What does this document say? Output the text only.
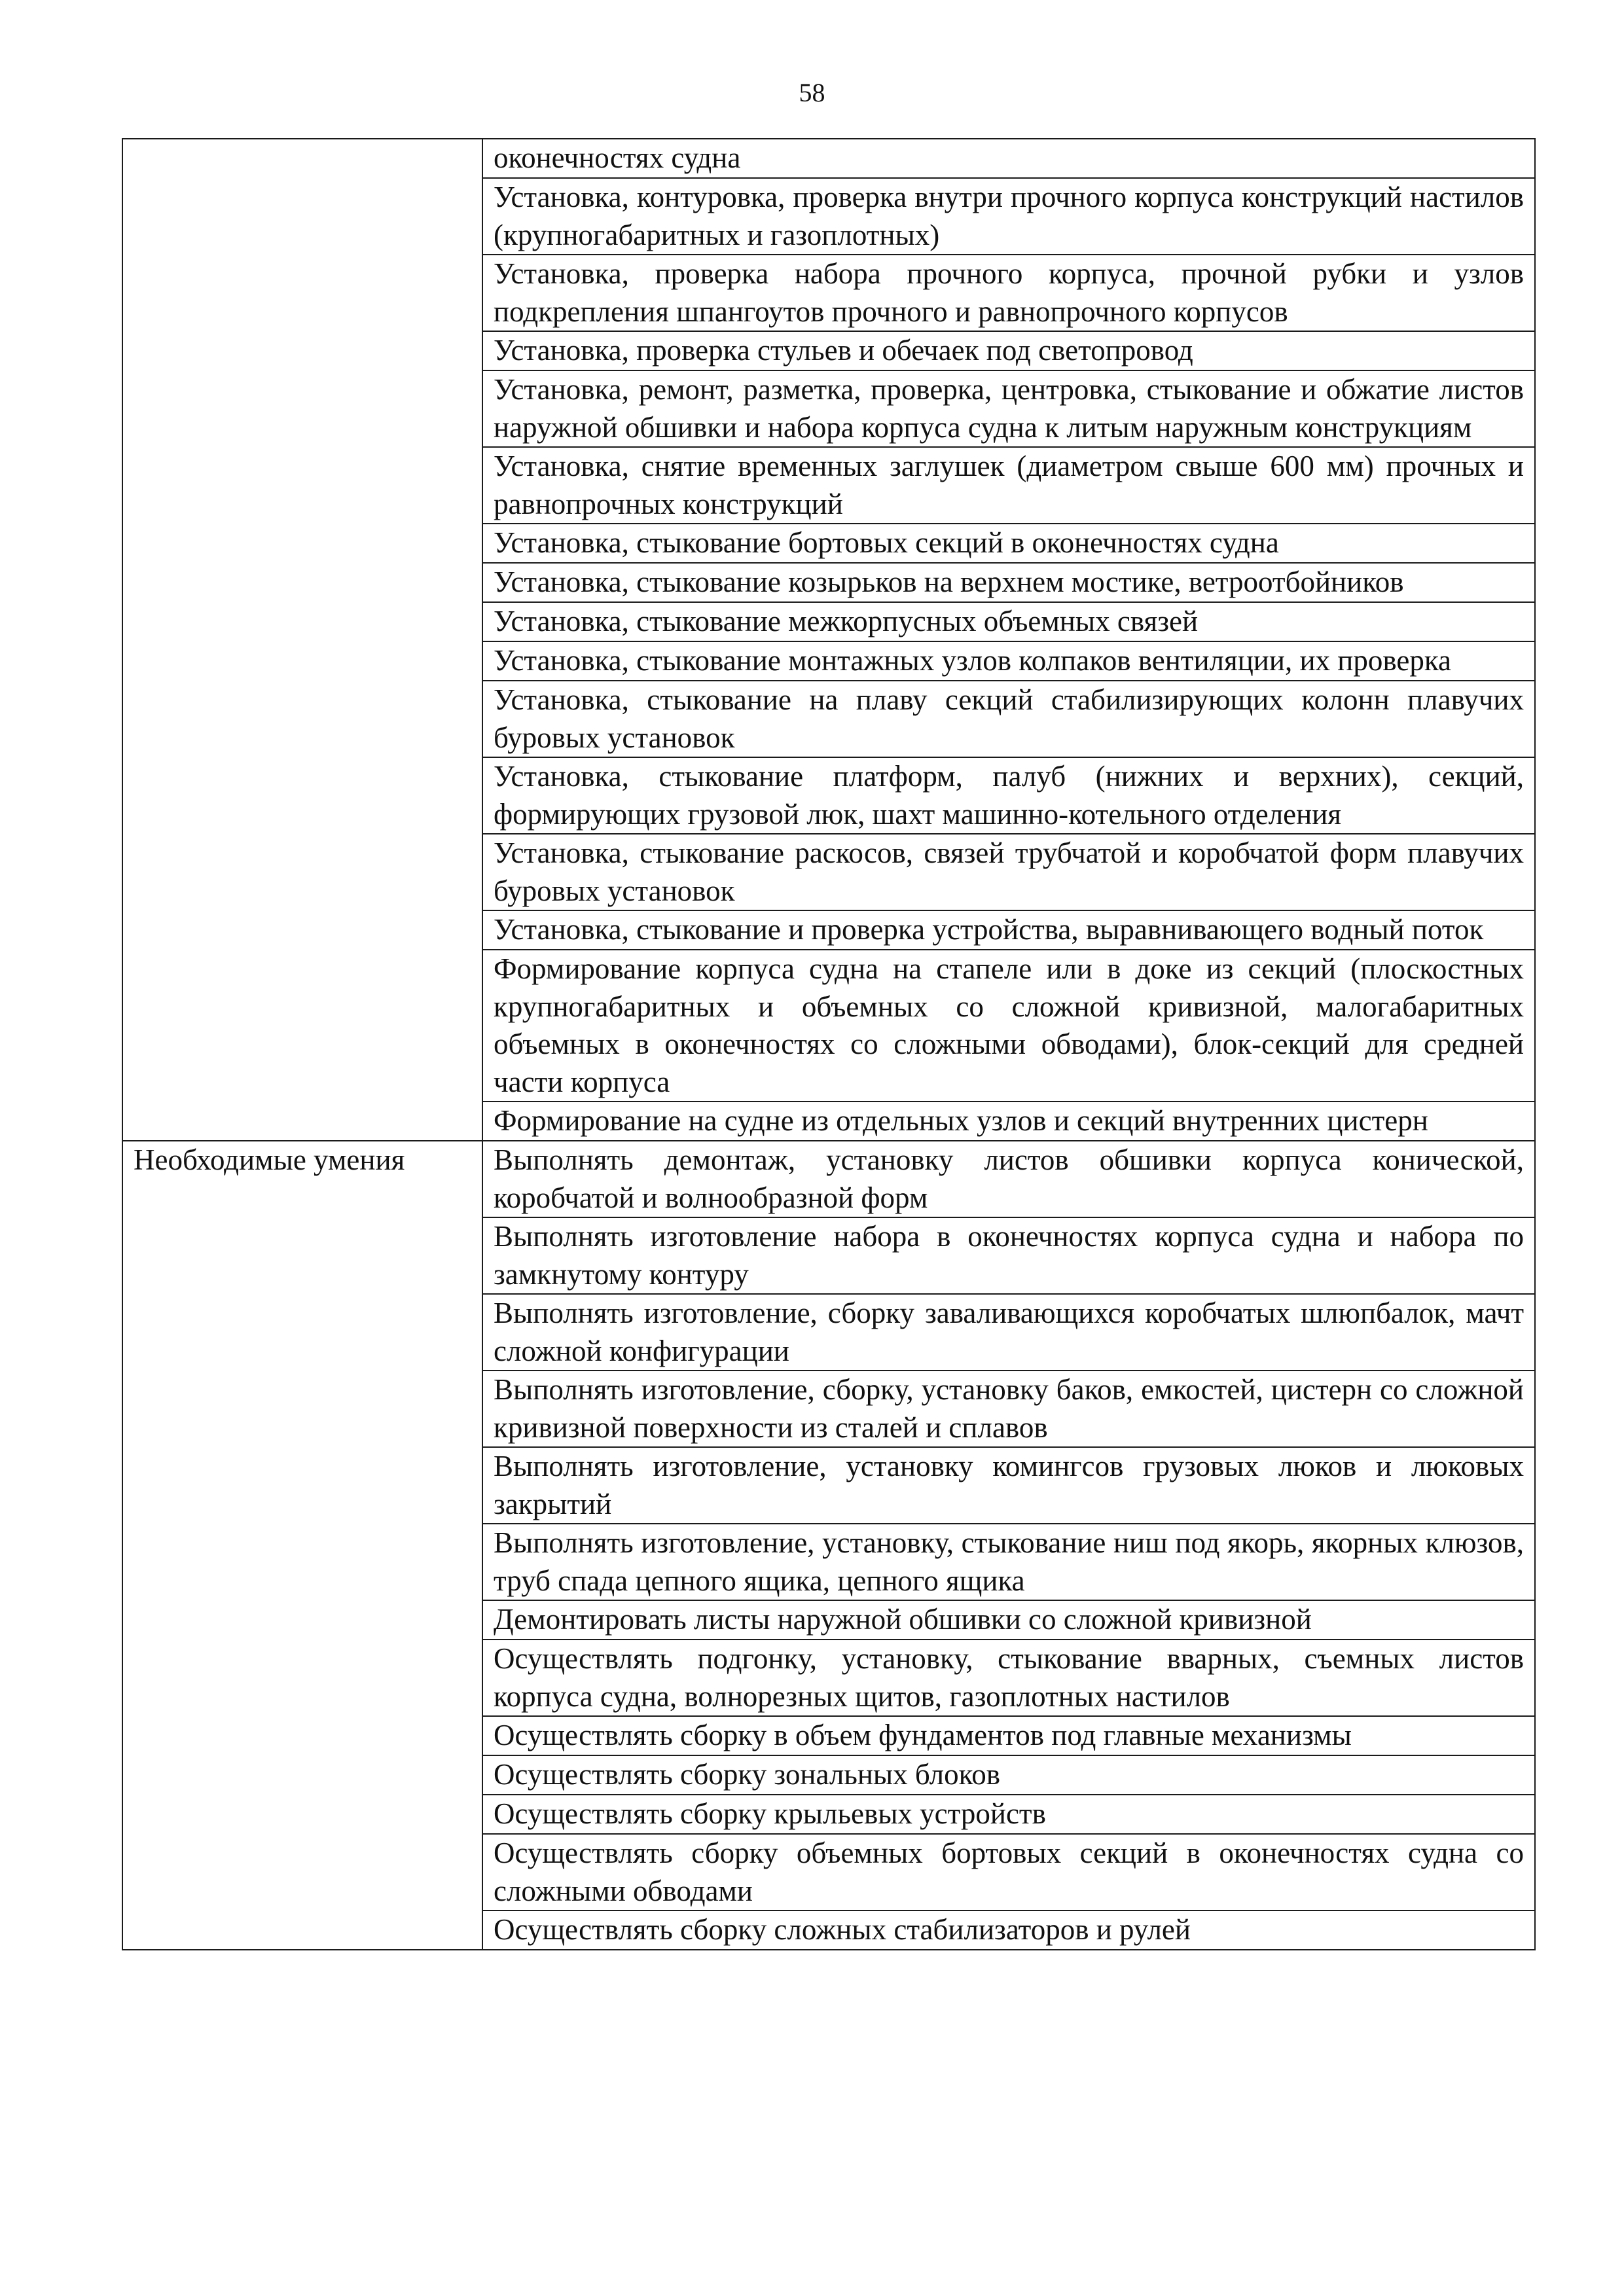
58
	оконечностях судна
	Установка, контуровка, проверка внутри прочного корпуса конструкций настилов (крупногабаритных и газоплотных)
	Установка, проверка набора прочного корпуса, прочной рубки и узлов подкрепления шпангоутов прочного и равнопрочного корпусов
	Установка, проверка стульев и обечаек под светопровод
	Установка, ремонт, разметка, проверка, центровка, стыкование и обжатие листов наружной обшивки и набора корпуса судна к литым наружным конструкциям
	Установка, снятие временных заглушек (диаметром свыше 600 мм) прочных и равнопрочных конструкций
	Установка, стыкование бортовых секций в оконечностях судна
	Установка, стыкование козырьков на верхнем мостике, ветроотбойников
	Установка, стыкование межкорпусных объемных связей
	Установка, стыкование монтажных узлов колпаков вентиляции, их проверка
	Установка, стыкование на плаву секций стабилизирующих колонн плавучих буровых установок
	Установка, стыкование платформ, палуб (нижних и верхних), секций, формирующих грузовой люк, шахт машинно-котельного отделения
	Установка, стыкование раскосов, связей трубчатой и коробчатой форм плавучих буровых установок
	Установка, стыкование и проверка устройства, выравнивающего водный поток
	Формирование корпуса судна на стапеле или в доке из секций (плоскостных крупногабаритных и объемных со сложной кривизной, малогабаритных объемных в оконечностях со сложными обводами), блок-секций для средней части корпуса
	Формирование на судне из отдельных узлов и секций внутренних цистерн
Необходимые умения	Выполнять демонтаж, установку листов обшивки корпуса конической, коробчатой и волнообразной форм
	Выполнять изготовление набора в оконечностях корпуса судна и набора по замкнутому контуру
	Выполнять изготовление, сборку заваливающихся коробчатых шлюпбалок, мачт сложной конфигурации
	Выполнять изготовление, сборку, установку баков, емкостей, цистерн со сложной кривизной поверхности из сталей и сплавов
	Выполнять изготовление, установку комингсов грузовых люков и люковых закрытий
	Выполнять изготовление, установку, стыкование ниш под якорь, якорных клюзов, труб спада цепного ящика, цепного ящика
	Демонтировать листы наружной обшивки со сложной кривизной
	Осуществлять подгонку, установку, стыкование вварных, съемных листов корпуса судна, волнорезных щитов, газоплотных настилов
	Осуществлять сборку в объем фундаментов под главные механизмы
	Осуществлять сборку зональных блоков
	Осуществлять сборку крыльевых устройств
	Осуществлять сборку объемных бортовых секций в оконечностях судна со сложными обводами
	Осуществлять сборку сложных стабилизаторов и рулей
